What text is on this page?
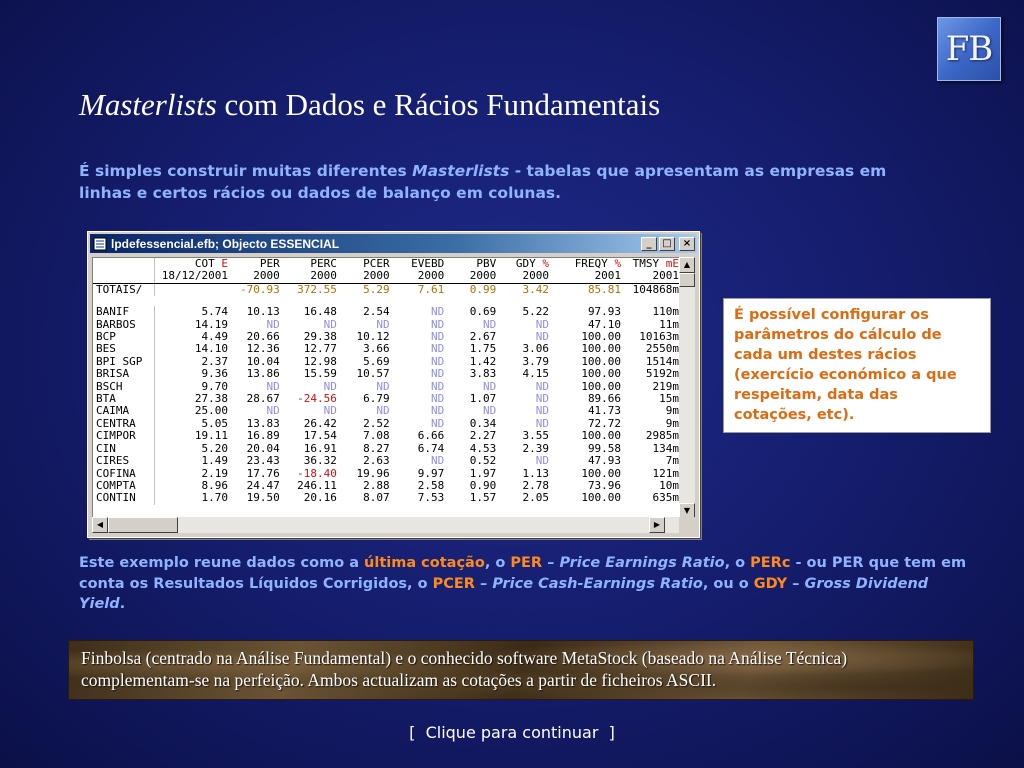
FB
Masterlists com Dados e Rácios Fundamentais
É simples construir muitas diferentes Masterlists - tabelas que apresentam as empresas em linhas e certos rácios ou dados de balanço em colunas.
lpdefessencial.efb; Objecto ESSENCIAL	_	□	×
	COT E	PER	PERC	PCER	EVEBD	PBV	GDY %	FREQY %	TMSY mE
	18/12/2001	2000	2000	2000	2000	2000	2000	2001	2001
TOTAIS/		-70.93	372.55	5.29	7.61	0.99	3.42	85.81	104868m

BANIF	5.74	10.13	16.48	2.54	ND	0.69	5.22	97.93	110m
BARBOS	14.19	ND	ND	ND	ND	ND	ND	47.10	11m
BCP	4.49	20.66	29.38	10.12	ND	2.67	ND	100.00	10163m
BES	14.10	12.36	12.77	3.66	ND	1.75	3.06	100.00	2550m
BPI SGP	2.37	10.04	12.98	5.69	ND	1.42	3.79	100.00	1514m
BRISA	9.36	13.86	15.59	10.57	ND	3.83	4.15	100.00	5192m
BSCH	9.70	ND	ND	ND	ND	ND	ND	100.00	219m
BTA	27.38	28.67	-24.56	6.79	ND	1.07	ND	89.66	15m
CAIMA	25.00	ND	ND	ND	ND	ND	ND	41.73	9m
CENTRA	5.05	13.83	26.42	2.52	ND	0.34	ND	72.72	9m
CIMPOR	19.11	16.89	17.54	7.08	6.66	2.27	3.55	100.00	2985m
CIN	5.20	20.04	16.91	8.27	6.74	4.53	2.39	99.58	134m
CIRES	1.49	23.43	36.32	2.63	ND	0.52	ND	47.93	7m
COFINA	2.19	17.76	-18.40	19.96	9.97	1.97	1.13	100.00	121m
COMPTA	8.96	24.47	246.11	2.88	2.58	0.90	2.78	73.96	10m
CONTIN	1.70	19.50	20.16	8.07	7.53	1.57	2.05	100.00	635m
▲
▼
◀	▶
É possível configurar os parâmetros do cálculo de cada um destes rácios (exercício económico a que respeitam, data das cotações, etc).
Este exemplo reune dados como a última cotação, o PER – Price Earnings Ratio, o PERc - ou PER que tem em conta os Resultados Líquidos Corrigidos, o PCER – Price Cash-Earnings Ratio, ou o GDY – Gross Dividend Yield.
Finbolsa (centrado na Análise Fundamental) e o conhecido software MetaStock (baseado na Análise Técnica) complementam-se na perfeição. Ambos actualizam as cotações a partir de ficheiros ASCII.
[  Clique para continuar  ]
